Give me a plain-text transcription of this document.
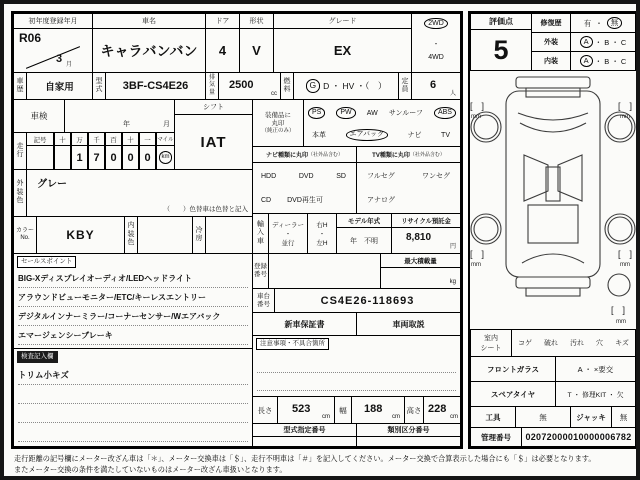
初年度登録年月	車名	ドア	形状	グレード
R06
3 月
キャラバンバン	4	V	EX
2WD
・
4WD
車歴	自家用
型式	3BF-CS4E26
排気量
2500
cc
燃料	G D ・ HV ・（　）	定員	6
人
車検
年	月
走行
記号	十	万	千	百	十	一	マイル
1 7 0 0 0	km
シフト
IAT
装備品に
丸印
（純正のみ）
PS	PW	AW サンルーフ	ABS
本革	エアバック	ナビ	TV
ナビ種類に丸印 （社外品含む）
HDD	DVD	SD
CD DVD再生可
TV種類に丸印 （社外品含む）
フルセグ	ワンセグ
アナログ
外装色
グレー
（　　）色替車は色替と記入
カラー
No.	KBY
内装色
冷房
輸入車
ディーラー
・
並行
右H
・
左H
モデル年式
年　不明
リサイクル預託金
8,810
円
セールスポイント
BIG-Xディスプレイオーディオ/LEDヘッドライト
アラウンドビューモニター/ETC/キーレスエントリー
デジタルインナーミラー/コーナーセンサー/Wエアバック
エマージェンシーブレーキ
登録番号
最大積載量
kg
車台
番号	CS4E26-118693
新車保証書	車両取説
注意事項・不具合箇所
長さ	523
cm
幅	188
cm
高さ 228
cm
型式指定番号	類別区分番号
検査記入欄
トリム小キズ
評価点
5
修復歴	有 ・	無
外装	A ・ B ・ C
内装	A ・ B ・ C
[　]
mm
[　]
mm
[　]
mm
[　]
mm
[　]
mm
室内
シート
コゲ 破れ 汚れ 穴 キズ
フロントガラス	A ・ ×要交
スペアタイヤ	T ・ 修理KIT ・ 欠
工具	無	ジャッキ	無
管理番号	02072000010000006782
走行距離の記号欄にメーター改ざん車は「＊」、メーター交換車は「＄」、走行不明車は「＃」を記入してください。メーター交換で合算表示した場合にも「＄」は必要となります。
またメーター交換の条件を満たしていないものはメーター改ざん車扱いとなります。
